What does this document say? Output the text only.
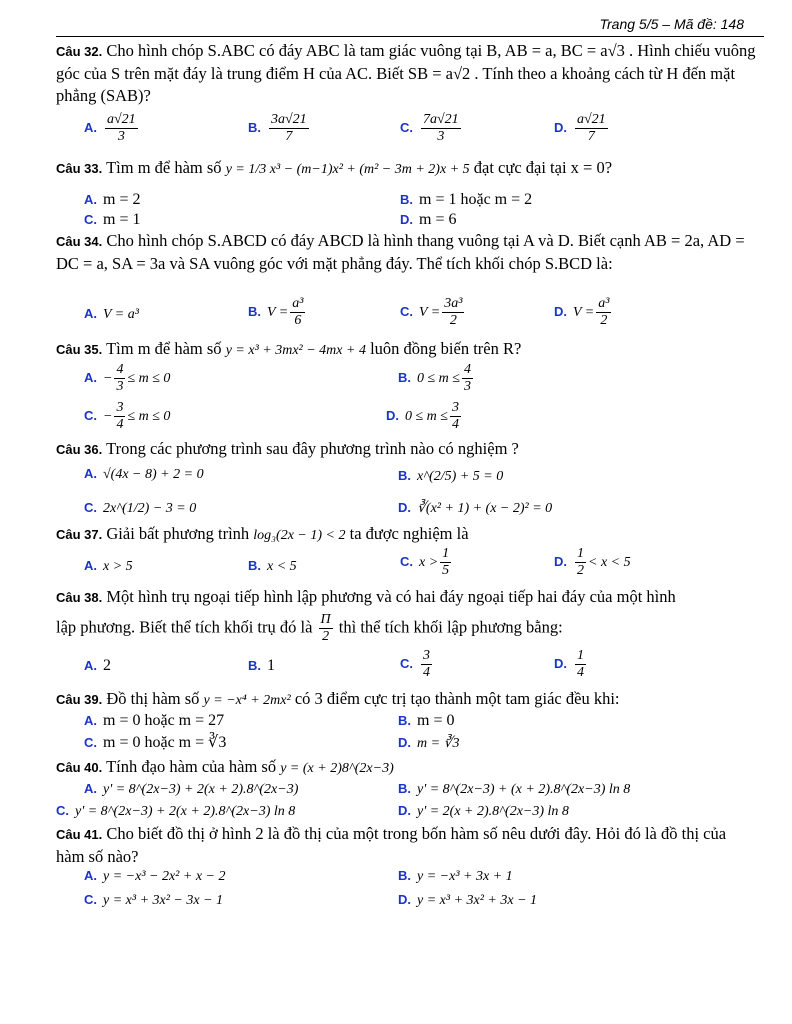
Trang 5/5 – Mã đề: 148
Câu 32. Cho hình chóp S.ABC có đáy ABC là tam giác vuông tại B, AB = a, BC = a√3 . Hình chiếu vuông góc của S trên mặt đáy là trung điểm H của AC. Biết SB = a√2 . Tính theo a khoảng cách từ H đến mặt phẳng (SAB)?
A. $\frac{a√21}{3}$	B. $\frac{3a√21}{7}$	C. $\frac{7a√21}{3}$	D. $\frac{a√21}{7}$
Câu 33. Tìm m để hàm số y = 1/3 x³ − (m−1)x² + (m² − 3m + 2)x + 5 đạt cực đại tại x = 0?
A. m = 2	B. m = 1 hoặc m = 2
C. m = 1	D. m = 6
Câu 34. Cho hình chóp S.ABCD có đáy ABCD là hình thang vuông tại A và D. Biết cạnh AB = 2a, AD = DC = a, SA = 3a và SA vuông góc với mặt phẳng đáy. Thể tích khối chóp S.BCD là:
A. V = a³	B. $V = \frac{\text{a³}}{6}$	C. $V = \frac{\text{3a³}}{2}$	D. $V = \frac{\text{a³}}{2}$
Câu 35. Tìm m để hàm số y = x³ + 3mx² − 4mx + 4 luôn đồng biến trên R?
A. − $\frac{4}{3} \le m \le 0$	B. $0 \le m \le \frac{4}{3}$
C. − $\frac{3}{4} \le m \le 0$	D. $0 \le m \le \frac{3}{4}$
Câu 36. Trong các phương trình sau đây phương trình nào có nghiệm ?
A. √(4x − 8) + 2 = 0	B. x^(2/5) + 5 = 0
C. 2x^(1/2) − 3 = 0	D. ∛(x² + 1) + (x − 2)² = 0
Câu 37. Giải bất phương trình log₃(2x − 1) < 2 ta được nghiệm là
A. x > 5	B. x < 5	C. $x > \frac{1}{5}$	D. $\frac{1}{2} < x < 5$
Câu 38. Một hình trụ ngoại tiếp hình lập phương và có hai đáy ngoại tiếp hai đáy của một hình
lập phương. Biết thể tích khối trụ đó là $\frac{\Pi}{2}$ thì thể tích khối lập phương bằng:
A. 2	B. 1	C. $\frac{3}{4}$	D. $\frac{1}{4}$
Câu 39. Đồ thị hàm số y = −x⁴ + 2mx² có 3 điểm cực trị tạo thành một tam giác đều khi:
A. m = 0 hoặc m = 27	B. m = 0
C. m = 0 hoặc m = ∛3	D. m = ∛3
Câu 40. Tính đạo hàm của hàm số y = (x + 2)8^(2x−3)
A. y' = 8^(2x−3) + 2(x + 2).8^(2x−3)	B. y' = 8^(2x−3) + (x + 2).8^(2x−3) ln 8
C. y' = 8^(2x−3) + 2(x + 2).8^(2x−3) ln 8	D. y' = 2(x + 2).8^(2x−3) ln 8
Câu 41. Cho biết đồ thị ở hình 2 là đồ thị của một trong bốn hàm số nêu dưới đây. Hỏi đó là đồ thị của hàm số nào?
A. y = −x³ − 2x² + x − 2	B. y = −x³ + 3x + 1
C. y = x³ + 3x² − 3x − 1	D. y = x³ + 3x² + 3x − 1
